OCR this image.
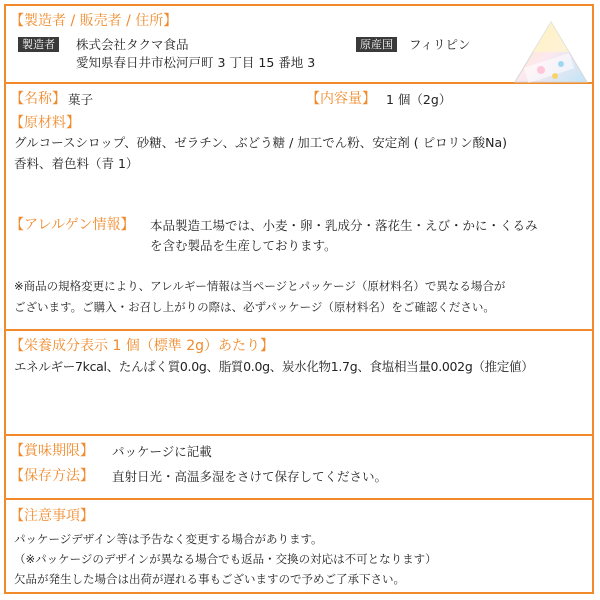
【製造者 / 販売者 / 住所】
製造者	株式会社タクマ食品
愛知県春日井市松河戸町 3 丁目 15 番地 3
原産国	フィリピン
【名称】 菓子	【内容量】 1 個（2g）
【原材料】
グルコースシロップ、砂糖、ゼラチン、ぶどう糖 / 加工でん粉、安定剤 ( ピロリン酸Na)
香料、着色料（青 1）
【アレルゲン情報】 本品製造工場では、小麦・卵・乳成分・落花生・えび・かに・くるみ
を含む製品を生産しております。
※商品の規格変更により、アレルギー情報は当ページとパッケージ（原材料名）で異なる場合が
ございます。ご購入・お召し上がりの際は、必ずパッケージ（原材料名）をご確認ください。
【栄養成分表示 1 個（標準 2g）あたり】
エネルギー7kcal、たんぱく質0.0g、脂質0.0g、炭水化物1.7g、食塩相当量0.002g（推定値）
【賞味期限】 パッケージに記載
【保存方法】 直射日光・高温多湿をさけて保存してください。
【注意事項】
パッケージデザイン等は予告なく変更する場合があります。
（※パッケージのデザインが異なる場合でも返品・交換の対応は不可となります）
欠品が発生した場合は出荷が遅れる事もございますので予めご了承下さい。
